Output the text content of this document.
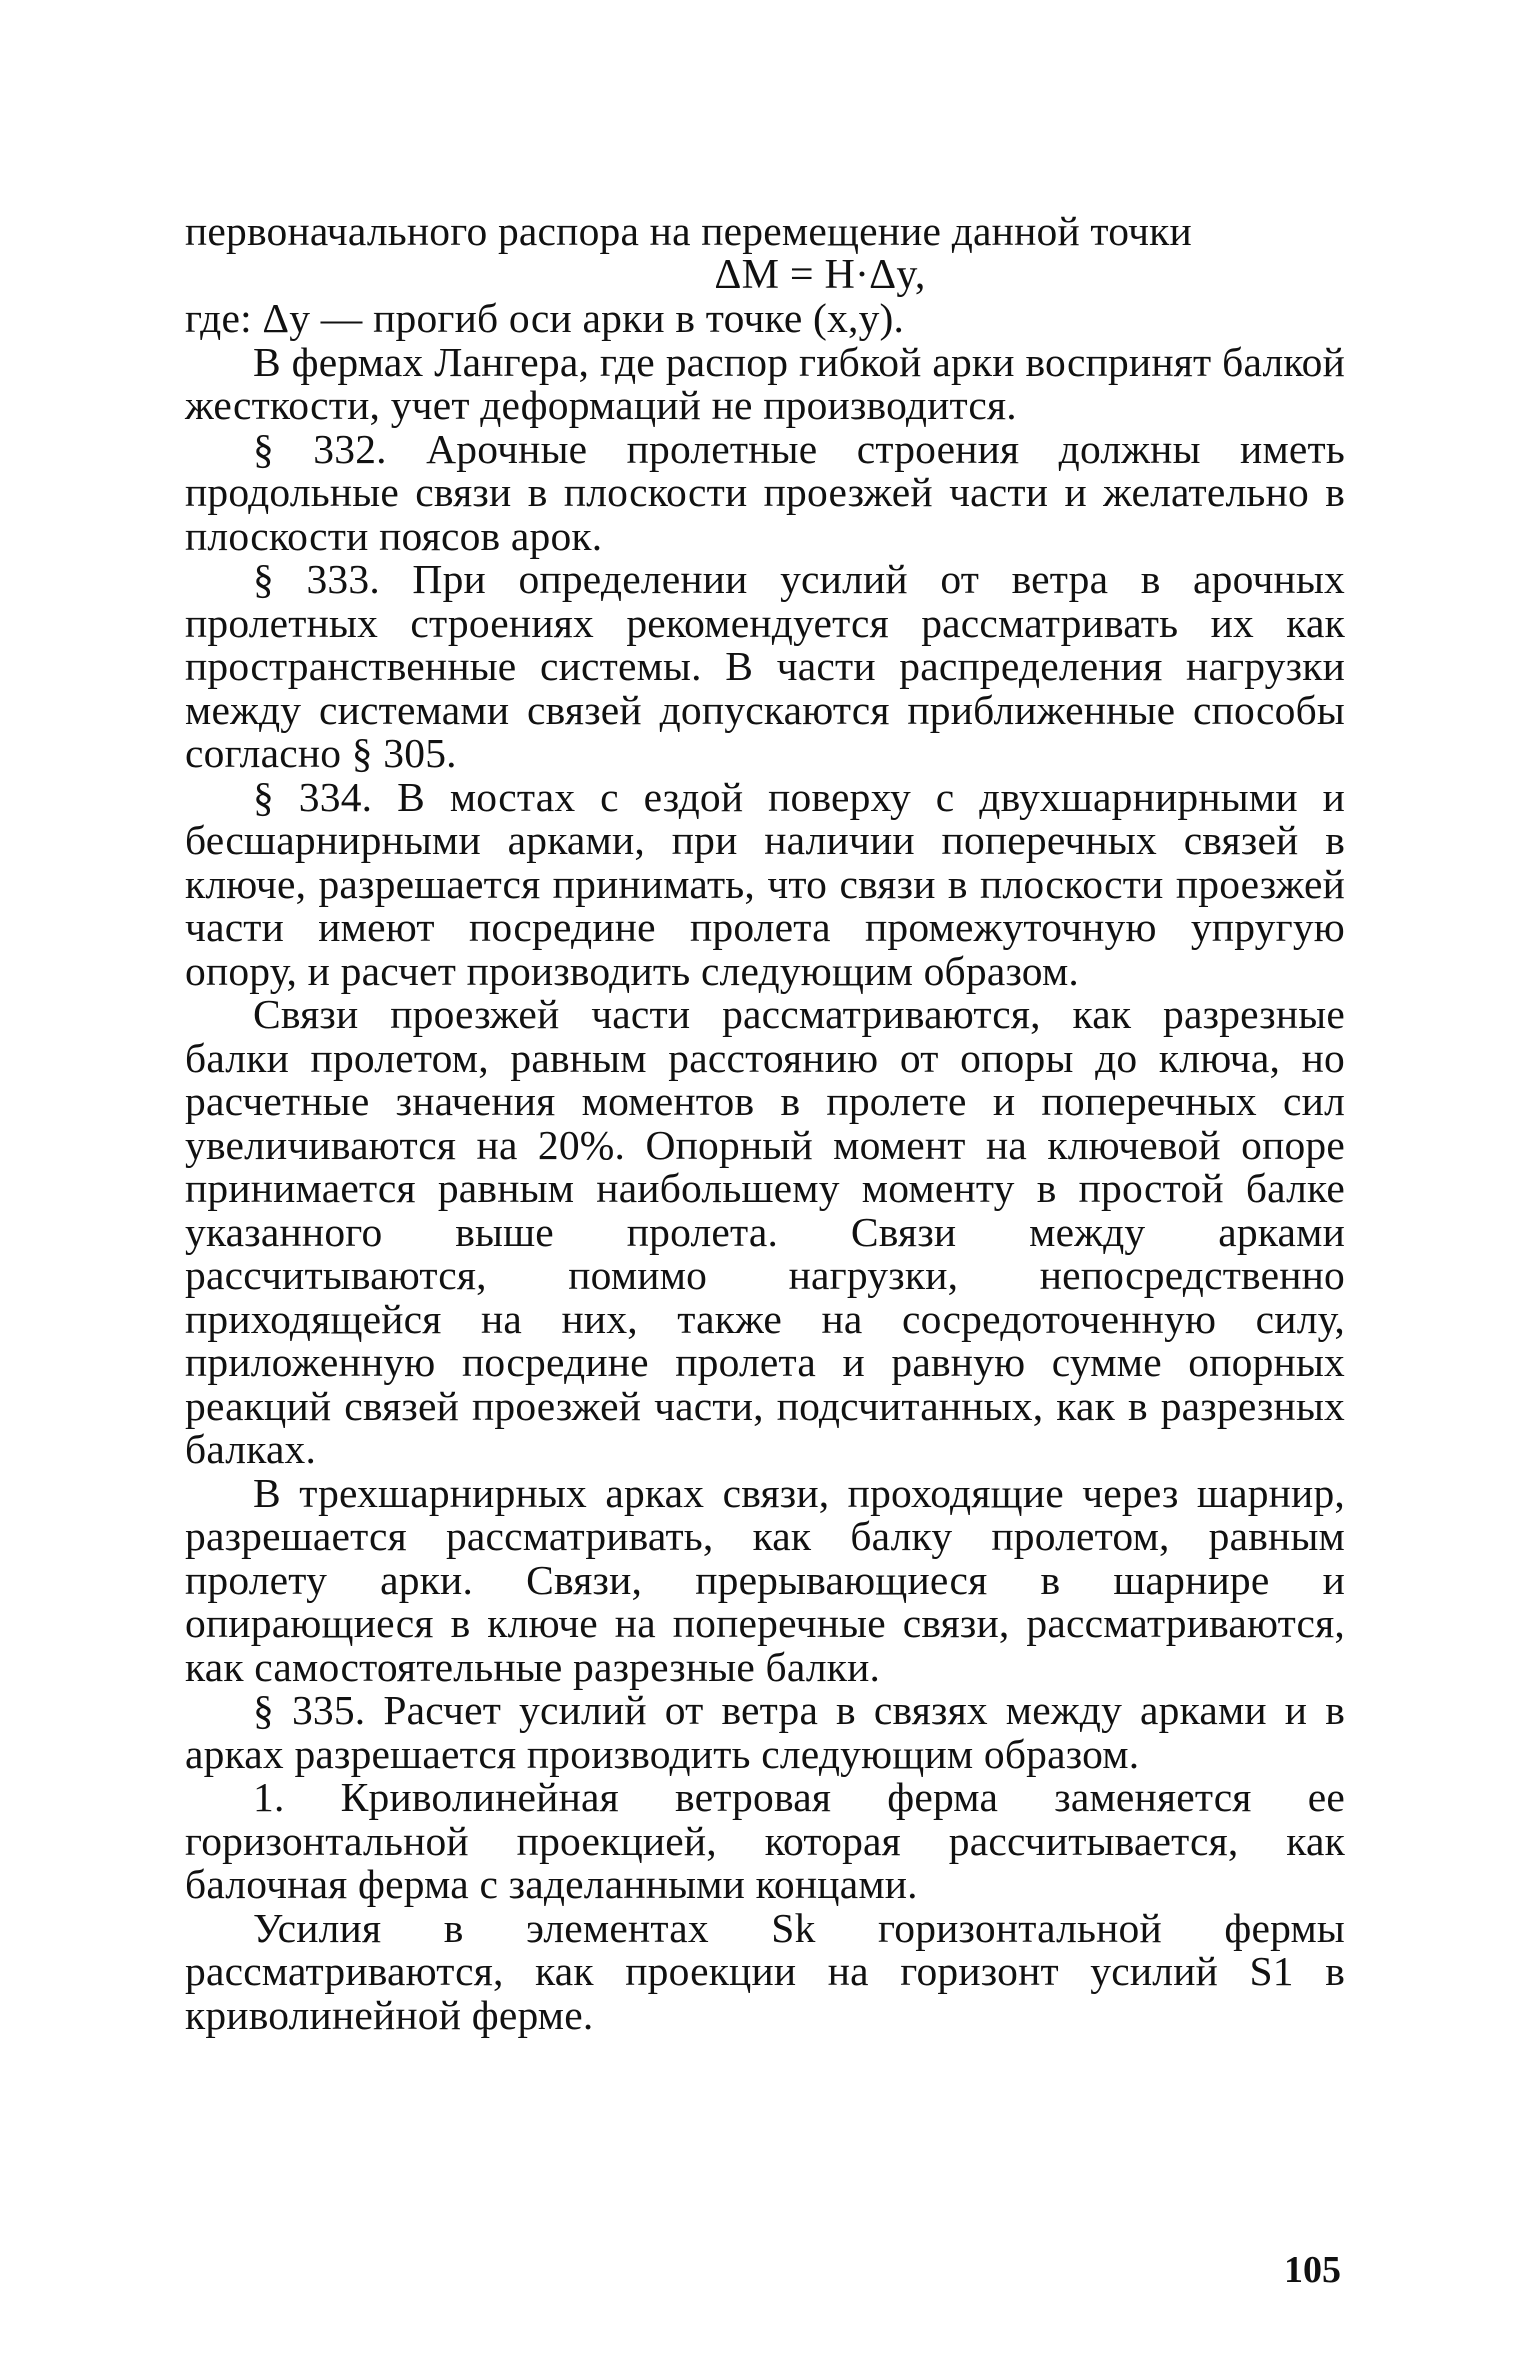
первоначального распора на перемещение данной точки

ΔM = H·Δy,

где: Δy — прогиб оси арки в точке (x,y).

В фермах Лангера, где распор гибкой арки воспринят балкой жесткости, учет деформаций не производится.

§ 332. Арочные пролетные строения должны иметь продольные связи в плоскости проезжей части и желательно в плоскости поясов арок.

§ 333. При определении усилий от ветра в арочных пролетных строениях рекомендуется рассматривать их как пространственные системы. В части распределения нагрузки между системами связей допускаются приближенные способы согласно § 305.

§ 334. В мостах с ездой поверху с двухшарнирными и бесшарнирными арками, при наличии поперечных связей в ключе, разрешается принимать, что связи в плоскости проезжей части имеют посредине пролета промежуточную упругую опору, и расчет производить следующим образом.

Связи проезжей части рассматриваются, как разрезные балки пролетом, равным расстоянию от опоры до ключа, но расчетные значения моментов в пролете и поперечных сил увеличиваются на 20%. Опорный момент на ключевой опоре принимается равным наибольшему моменту в простой балке указанного выше пролета. Связи между арками рассчитываются, помимо нагрузки, непосредственно приходящейся на них, также на сосредоточенную силу, приложенную посредине пролета и равную сумме опорных реакций связей проезжей части, подсчитанных, как в разрезных балках.

В трехшарнирных арках связи, проходящие через шарнир, разрешается рассматривать, как балку пролетом, равным пролету арки. Связи, прерывающиеся в шарнире и опирающиеся в ключе на поперечные связи, рассматриваются, как самостоятельные разрезные балки.

§ 335. Расчет усилий от ветра в связях между арками и в арках разрешается производить следующим образом.

1. Криволинейная ветровая ферма заменяется ее горизонтальной проекцией, которая рассчитывается, как балочная ферма с заделанными концами.

Усилия в элементах Sk горизонтальной фермы рассматриваются, как проекции на горизонт усилий S1 в криволинейной ферме.

105
